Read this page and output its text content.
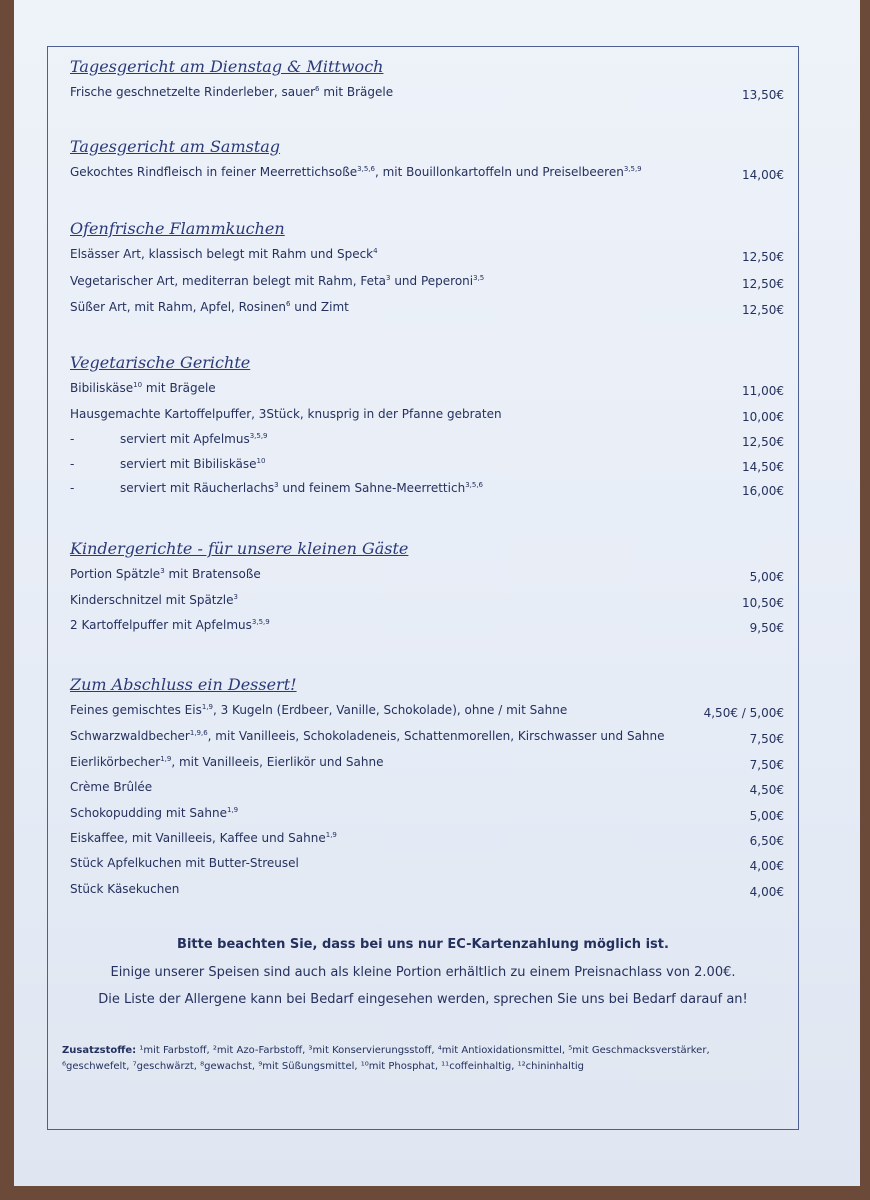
Tagesgericht am Dienstag & Mittwoch
Frische geschnetzelte Rinderleber, sauer$^6$ mit Brägele	13,50€
Tagesgericht am Samstag
Gekochtes Rindfleisch in feiner Meerrettichsoße$^{3,5,6}$, mit Bouillonkartoffeln und Preiselbeeren$^{3,5,9}$	14,00€
Ofenfrische Flammkuchen
Elsässer Art, klassisch belegt mit Rahm und Speck$^4$	12,50€
Vegetarischer Art, mediterran belegt mit Rahm, Feta$^3$ und Peperoni$^{3,5}$	12,50€
Süßer Art, mit Rahm, Apfel, Rosinen$^6$ und Zimt	12,50€
Vegetarische Gerichte
Bibiliskäse$^{10}$ mit Brägele	11,00€
Hausgemachte Kartoffelpuffer, 3Stück, knusprig in der Pfanne gebraten	10,00€
-	serviert mit Apfelmus$^{3,5,9}$	12,50€
-	serviert mit Bibiliskäse$^{10}$	14,50€
-	serviert mit Räucherlachs$^3$ und feinem Sahne-Meerrettich$^{3,5,6}$	16,00€
Kindergerichte - für unsere kleinen Gäste
Portion Spätzle$^3$ mit Bratensoße	5,00€
Kinderschnitzel mit Spätzle$^3$	10,50€
2 Kartoffelpuffer mit Apfelmus$^{3,5,9}$	9,50€
Zum Abschluss ein Dessert!
Feines gemischtes Eis$^{1,9}$, 3 Kugeln (Erdbeer, Vanille, Schokolade), ohne / mit Sahne	4,50€ / 5,00€
Schwarzwaldbecher$^{1,9,6}$, mit Vanilleeis, Schokoladeneis, Schattenmorellen, Kirschwasser und Sahne	7,50€
Eierlikörbecher$^{1,9}$, mit Vanilleeis, Eierlikör und Sahne	7,50€
Crème Brûlée	4,50€
Schokopudding mit Sahne$^{1,9}$	5,00€
Eiskaffee, mit Vanilleeis, Kaffee und Sahne$^{1,9}$	6,50€
Stück Apfelkuchen mit Butter-Streusel	4,00€
Stück Käsekuchen	4,00€
Bitte beachten Sie, dass bei uns nur EC-Kartenzahlung möglich ist.
Einige unserer Speisen sind auch als kleine Portion erhältlich zu einem Preisnachlass von 2.00€.
Die Liste der Allergene kann bei Bedarf eingesehen werden, sprechen Sie uns bei Bedarf darauf an!
Zusatzstoffe: ¹mit Farbstoff, ²mit Azo-Farbstoff, ³mit Konservierungsstoff, ⁴mit Antioxidationsmittel, ⁵mit Geschmacksverstärker,
⁶geschwefelt, ⁷geschwärzt, ⁸gewachst, ⁹mit Süßungsmittel, ¹⁰mit Phosphat, ¹¹coffeinhaltig, ¹²chininhaltig
